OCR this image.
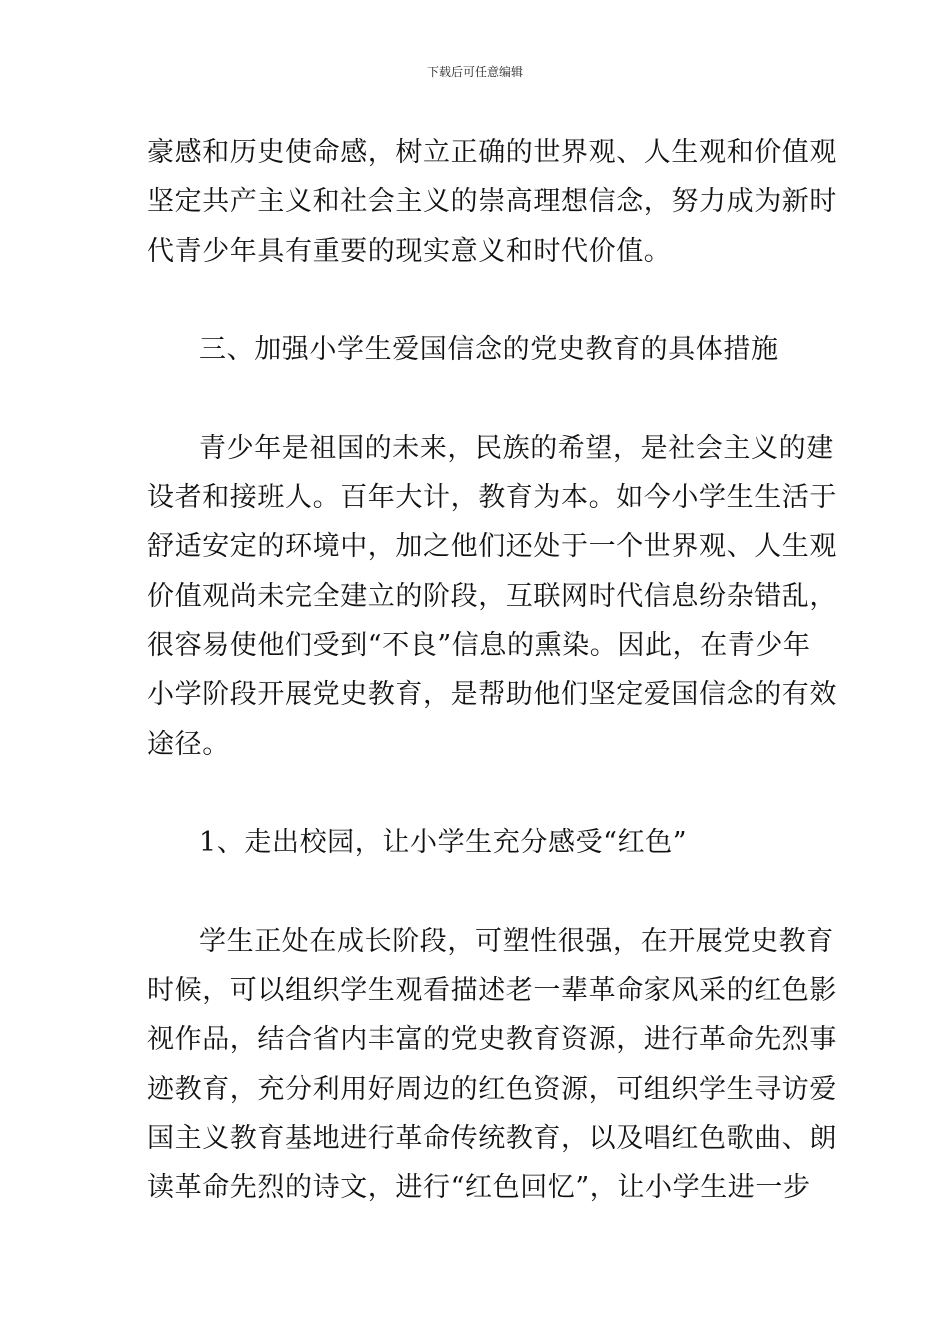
下载后可任意编辑
豪感和历史使命感，树立正确的世界观、人生观和价值观
坚定共产主义和社会主义的崇高理想信念，努力成为新时
代青少年具有重要的现实意义和时代价值。
三、加强小学生爱国信念的党史教育的具体措施
青少年是祖国的未来，民族的希望，是社会主义的建
设者和接班人。百年大计，教育为本。如今小学生生活于
舒适安定的环境中，加之他们还处于一个世界观、人生观
价值观尚未完全建立的阶段，互联网时代信息纷杂错乱，
很容易使他们受到“不良”信息的熏染。因此，在青少年
小学阶段开展党史教育，是帮助他们坚定爱国信念的有效
途径。
1、走出校园，让小学生充分感受“红色”
学生正处在成长阶段，可塑性很强，在开展党史教育
时候，可以组织学生观看描述老一辈革命家风采的红色影
视作品，结合省内丰富的党史教育资源，进行革命先烈事
迹教育，充分利用好周边的红色资源，可组织学生寻访爱
国主义教育基地进行革命传统教育，以及唱红色歌曲、朗
读革命先烈的诗文，进行“红色回忆”，让小学生进一步
